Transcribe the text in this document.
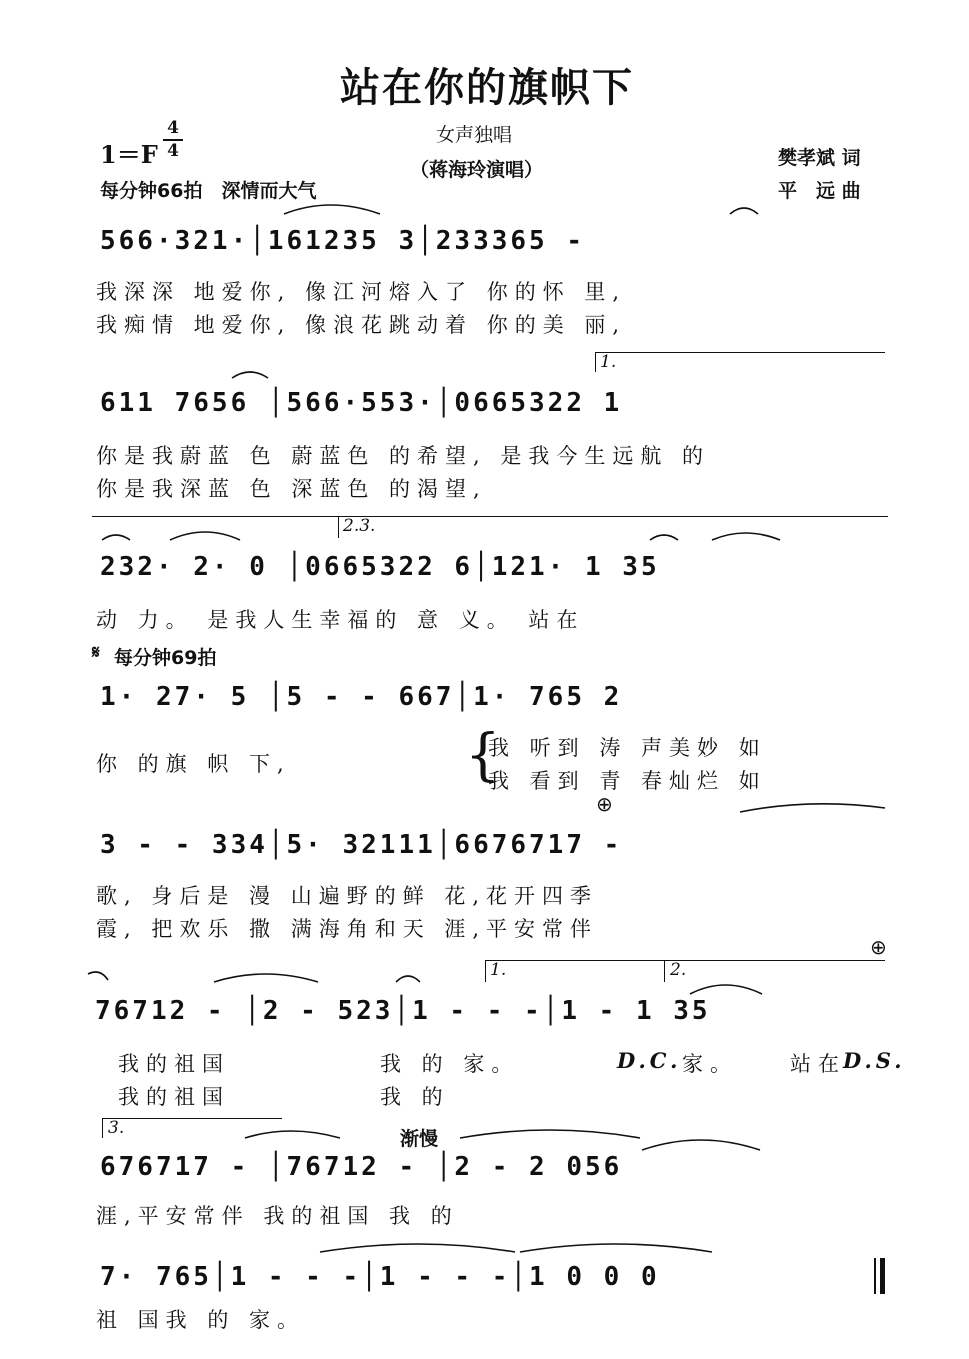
站在你的旗帜下
1＝F
4
4
女声独唱
（蒋海玲演唱）
樊孝斌 词
平　远 曲
每分钟66拍　深情而大气
566·321·│161235 3│233365 -
我深深 地爱你, 像江河熔入了 你的怀 里,
我痴情 地爱你, 像浪花跳动着 你的美 丽,
1.
611 7656 │566·553·│0665322 1
你是我蔚蓝 色 蔚蓝色 的希望, 是我今生远航 的
你是我深蓝 色 深蓝色 的渴望,
2.3.
232· 2· 0 │0665322 6│121· 1 35
动 力。 是我人生幸福的 意 义。 站在
𝄋 每分钟69拍
1· 27· 5 │5 - - 667│1· 765 2
你 的旗 帜 下,	{
我 听到 涛 声美妙 如
我 看到 青 春灿烂 如
⊕
3 - - 334│5· 32111│6676717 -
歌, 身后是 漫 山遍野的鲜 花,花开四季
霞, 把欢乐 撒 满海角和天 涯,平安常伴
⊕
1.	2.
76712 - │2 - 523│1 - - -│1 - 1 35
我的祖国	我 的 家。	D.C. 家。 站在
D.S.
我的祖国	我 的
3.	渐慢
676717 - │76712 - │2 - 2 056
涯,平安常伴 我的祖国 我 的
7· 765│1 - - -│1 - - -│1 0 0 0
祖 国我 的 家。
